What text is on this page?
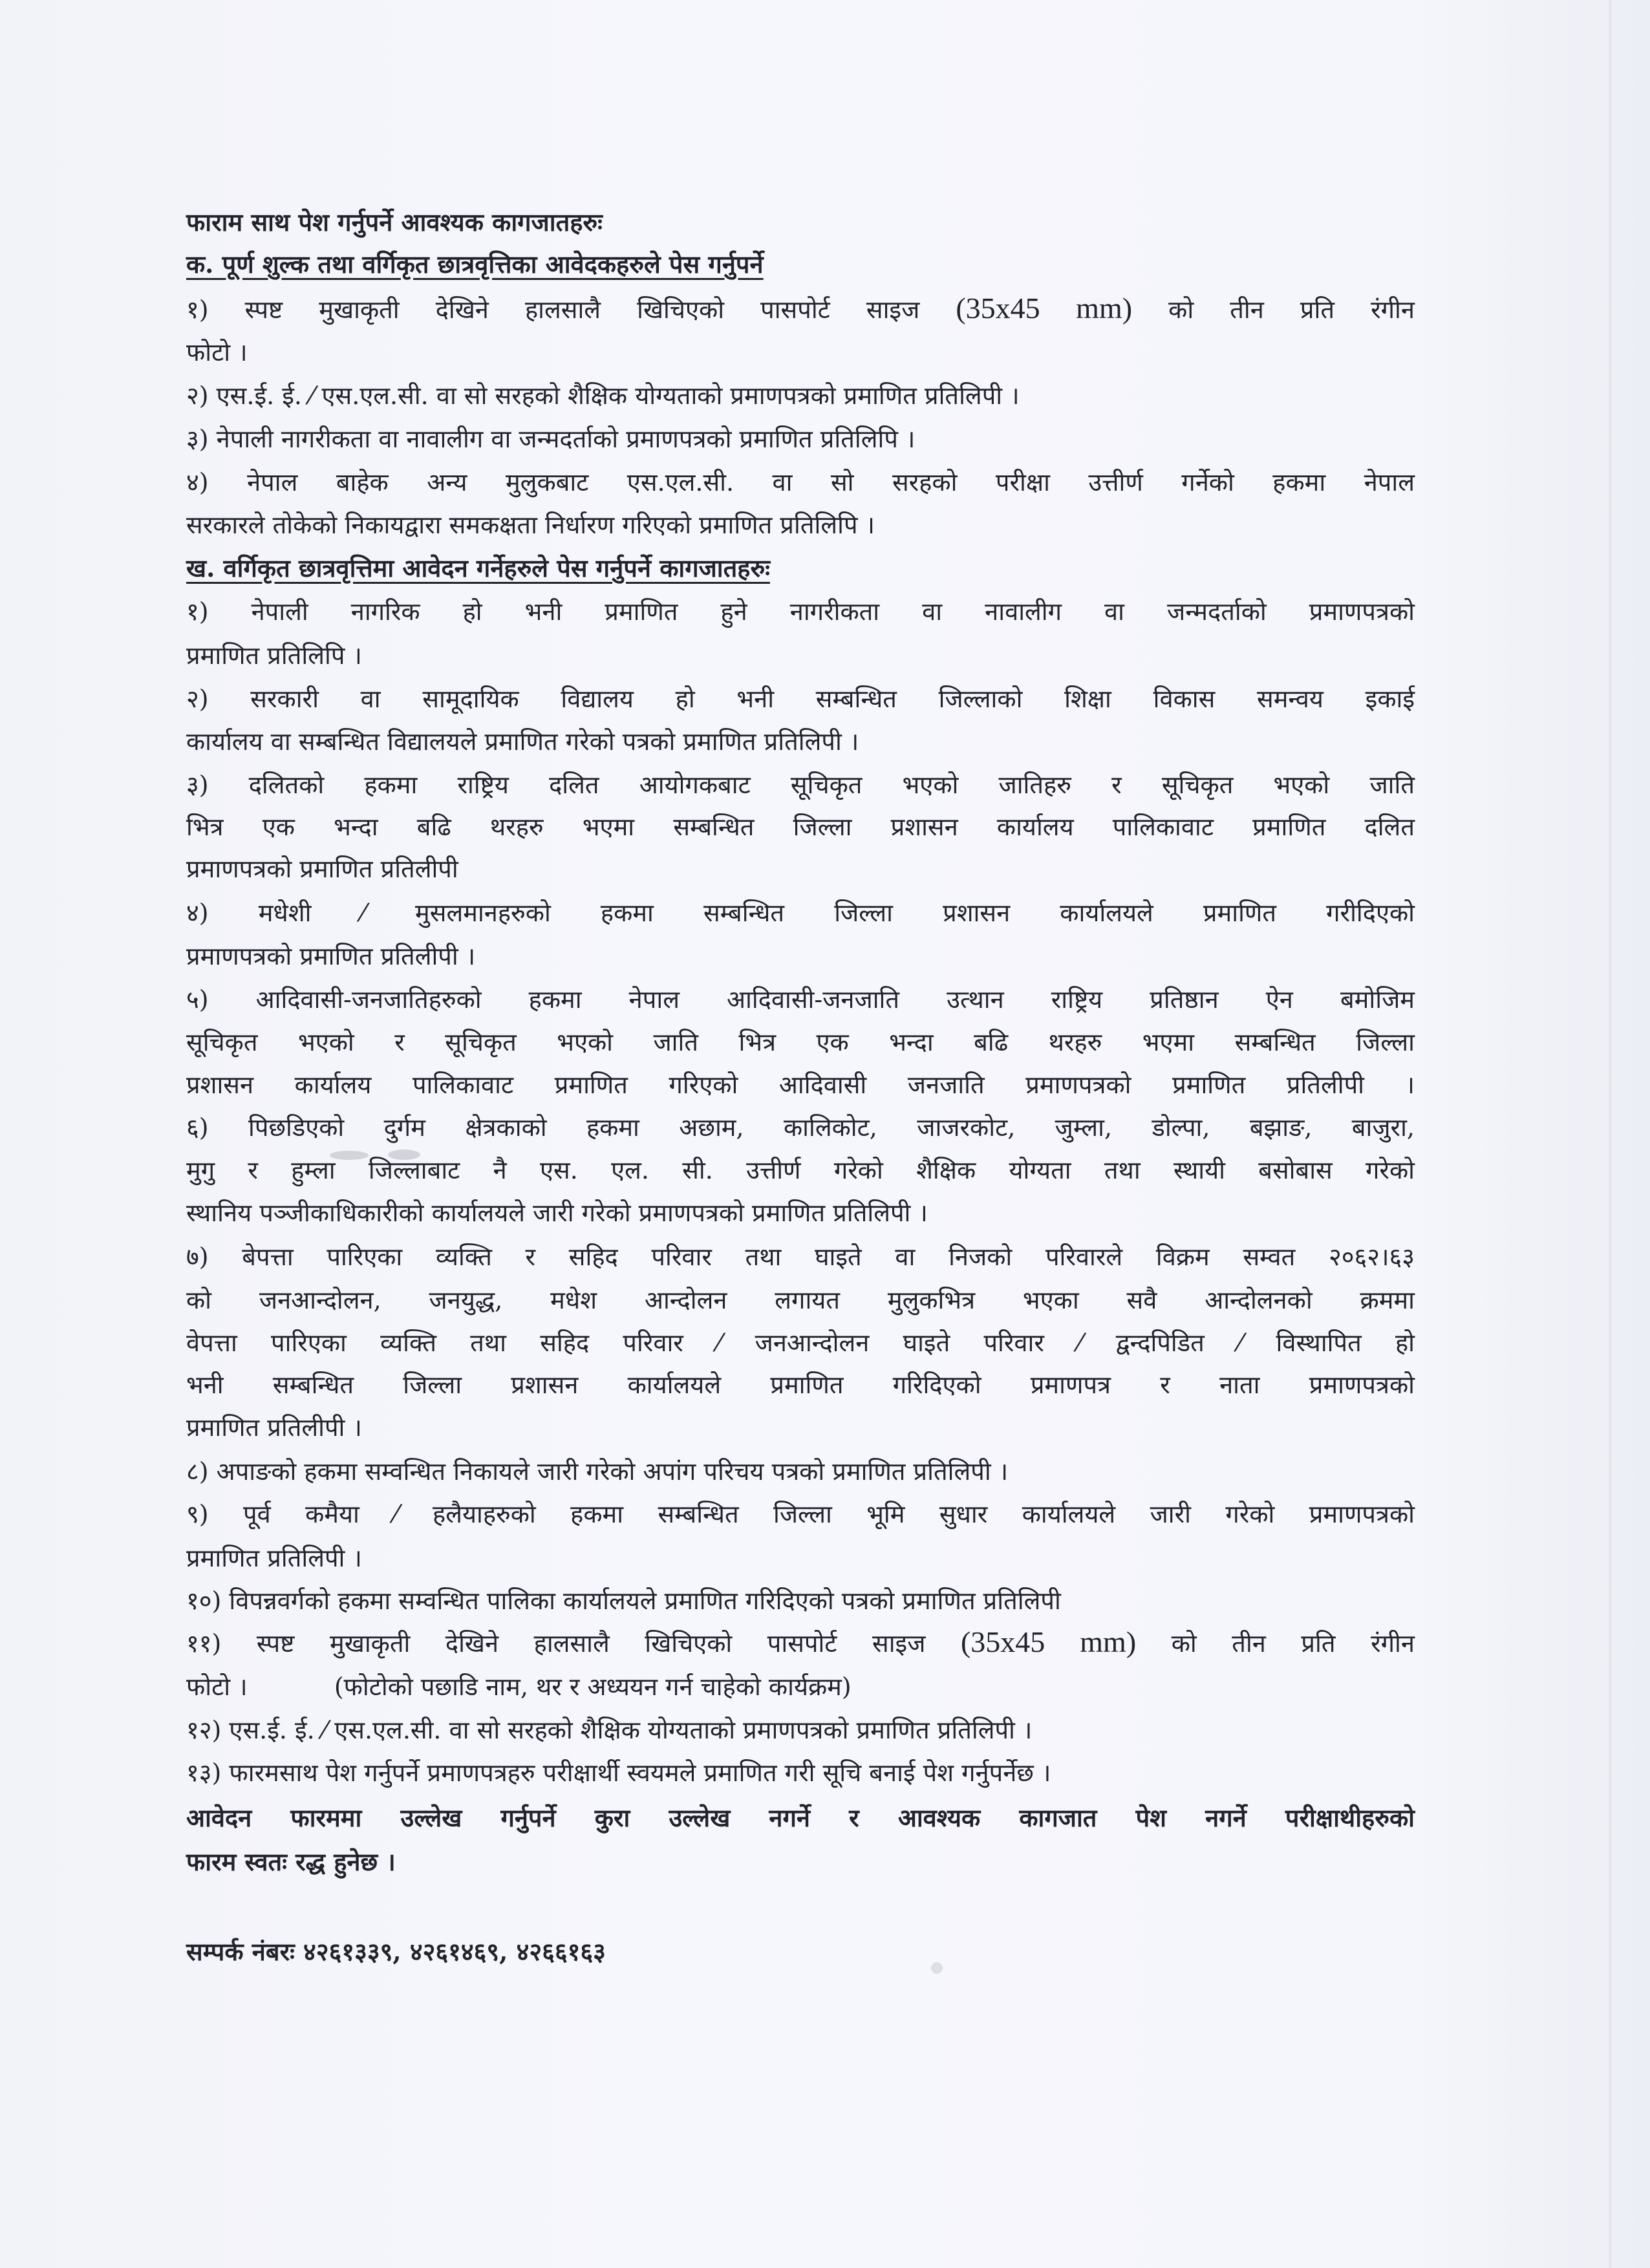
फाराम साथ पेश गर्नुपर्ने आवश्यक कागजातहरुः
क. पूर्ण शुल्क तथा वर्गिकृत छात्रवृत्तिका आवेदकहरुले पेस गर्नुपर्ने
१) स्पष्ट मुखाकृती देखिने हालसालै खिचिएको पासपोर्ट साइज (35x45 mm) को तीन प्रति रंगीन
फोटो ।
२) एस.ई. ई. ⁄ एस.एल.सी. वा सो सरहको शैक्षिक योग्यताको प्रमाणपत्रको प्रमाणित प्रतिलिपी ।
३) नेपाली नागरीकता वा नावालीग वा जन्मदर्ताको प्रमाणपत्रको प्रमाणित प्रतिलिपि ।
४) नेपाल बाहेक अन्य मुलुकबाट एस.एल.सी. वा सो सरहको परीक्षा उत्तीर्ण गर्नेको हकमा नेपाल
सरकारले तोकेको निकायद्वारा समकक्षता निर्धारण गरिएको प्रमाणित प्रतिलिपि ।
ख. वर्गिकृत छात्रवृत्तिमा आवेदन गर्नेहरुले पेस गर्नुपर्ने कागजातहरुः
१) नेपाली नागरिक हो भनी प्रमाणित हुने नागरीकता वा नावालीग वा जन्मदर्ताको प्रमाणपत्रको
प्रमाणित प्रतिलिपि ।
२) सरकारी वा सामूदायिक विद्यालय हो भनी सम्बन्धित जिल्लाको शिक्षा विकास समन्वय इकाई
कार्यालय वा सम्बन्धित विद्यालयले प्रमाणित गरेको पत्रको प्रमाणित प्रतिलिपी ।
३) दलितको हकमा राष्ट्रिय दलित आयोगकबाट सूचिकृत भएको जातिहरु र सूचिकृत भएको जाति
भित्र एक भन्दा बढि थरहरु भएमा सम्बन्धित जिल्ला प्रशासन कार्यालय पालिकावाट प्रमाणित दलित
प्रमाणपत्रको प्रमाणित प्रतिलीपी
४) मधेशी ⁄ मुसलमानहरुको हकमा सम्बन्धित जिल्ला प्रशासन कार्यालयले प्रमाणित गरीदिएको
प्रमाणपत्रको प्रमाणित प्रतिलीपी ।
५) आदिवासी-जनजातिहरुको हकमा नेपाल आदिवासी-जनजाति उत्थान राष्ट्रिय प्रतिष्ठान ऐन बमोजिम
सूचिकृत भएको र सूचिकृत भएको जाति भित्र एक भन्दा बढि थरहरु भएमा सम्बन्धित जिल्ला
प्रशासन कार्यालय पालिकावाट प्रमाणित गरिएको आदिवासी जनजाति प्रमाणपत्रको प्रमाणित प्रतिलीपी ।
६) पिछडिएको दुर्गम क्षेत्रकाको हकमा अछाम, कालिकोट, जाजरकोट, जुम्ला, डोल्पा, बझाङ, बाजुरा,
मुगु र हुम्ला जिल्लाबाट नै एस. एल. सी. उत्तीर्ण गरेको शैक्षिक योग्यता तथा स्थायी बसोबास गरेको
स्थानिय पञ्जीकाधिकारीको कार्यालयले जारी गरेको प्रमाणपत्रको प्रमाणित प्रतिलिपी ।
७) बेपत्ता पारिएका व्यक्ति र सहिद परिवार तथा घाइते वा निजको परिवारले विक्रम सम्वत २०६२।६३
को जनआन्दोलन, जनयुद्ध, मधेश आन्दोलन लगायत मुलुकभित्र भएका सवै आन्दोलनको क्रममा
वेपत्ता पारिएका व्यक्ति तथा सहिद परिवार ⁄ जनआन्दोलन घाइते परिवार ⁄ द्वन्दपिडित ⁄ विस्थापित हो
भनी सम्बन्धित जिल्ला प्रशासन कार्यालयले प्रमाणित गरिदिएको प्रमाणपत्र र नाता प्रमाणपत्रको
प्रमाणित प्रतिलीपी ।
८) अपाङको हकमा सम्वन्धित निकायले जारी गरेको अपांग परिचय पत्रको प्रमाणित प्रतिलिपी ।
९) पूर्व कमैया ⁄ हलैयाहरुको हकमा सम्बन्धित जिल्ला भूमि सुधार कार्यालयले जारी गरेको प्रमाणपत्रको
प्रमाणित प्रतिलिपी ।
१०) विपन्नवर्गको हकमा सम्वन्धित पालिका कार्यालयले प्रमाणित गरिदिएको पत्रको प्रमाणित प्रतिलिपी
११) स्पष्ट मुखाकृती देखिने हालसालै खिचिएको पासपोर्ट साइज (35x45 mm) को तीन प्रति रंगीन
फोटो ।	(फोटोको पछाडि नाम, थर र अध्ययन गर्न चाहेको कार्यक्रम)
१२) एस.ई. ई. ⁄ एस.एल.सी. वा सो सरहको शैक्षिक योग्यताको प्रमाणपत्रको प्रमाणित प्रतिलिपी ।
१३) फारमसाथ पेश गर्नुपर्ने प्रमाणपत्रहरु परीक्षार्थी स्वयमले प्रमाणित गरी सूचि बनाई पेश गर्नुपर्नेछ ।
आवेदन फारममा उल्लेख गर्नुपर्ने कुरा उल्लेख नगर्ने र आवश्यक कागजात पेश नगर्ने परीक्षाथीहरुको
फारम स्वतः रद्ध हुनेछ ।
सम्पर्क नंबरः ४२६१३३९, ४२६१४६९, ४२६६१६३
